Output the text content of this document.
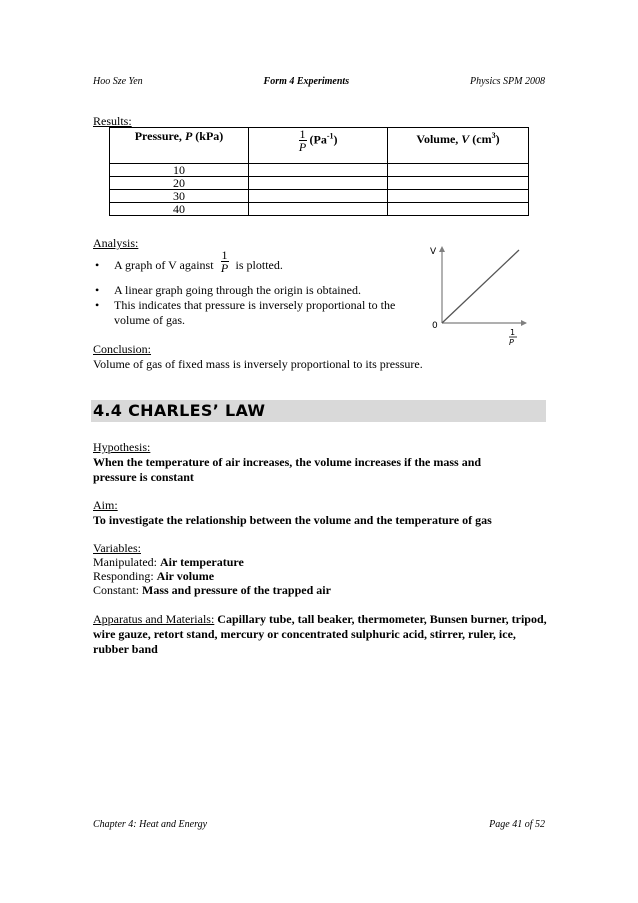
Hoo Sze Yen	Form 4 Experiments	Physics SPM 2008
Results:
Pressure, P (kPa)	$\frac{1}{P} (Pa^{-1})$	Volume, V $(cm^3)$
10		
20		
30		
40		
Analysis:
• A graph of V against $\frac{1}{P}$ is plotted.
• A linear graph going through the origin is obtained.
• This indicates that pressure is inversely proportional to the volume of gas.
V
0
1
P
Conclusion:
Volume of gas of fixed mass is inversely proportional to its pressure.
4.4 CHARLES’ LAW
Hypothesis:
When the temperature of air increases, the volume increases if the mass and pressure is constant
Aim:
To investigate the relationship between the volume and the temperature of gas
Variables:
Manipulated: Air temperature
Responding: Air volume
Constant: Mass and pressure of the trapped air
Apparatus and Materials: Capillary tube, tall beaker, thermometer, Bunsen burner, tripod, wire gauze, retort stand, mercury or concentrated sulphuric acid, stirrer, ruler, ice, rubber band
Chapter 4: Heat and Energy	Page 41 of 52
